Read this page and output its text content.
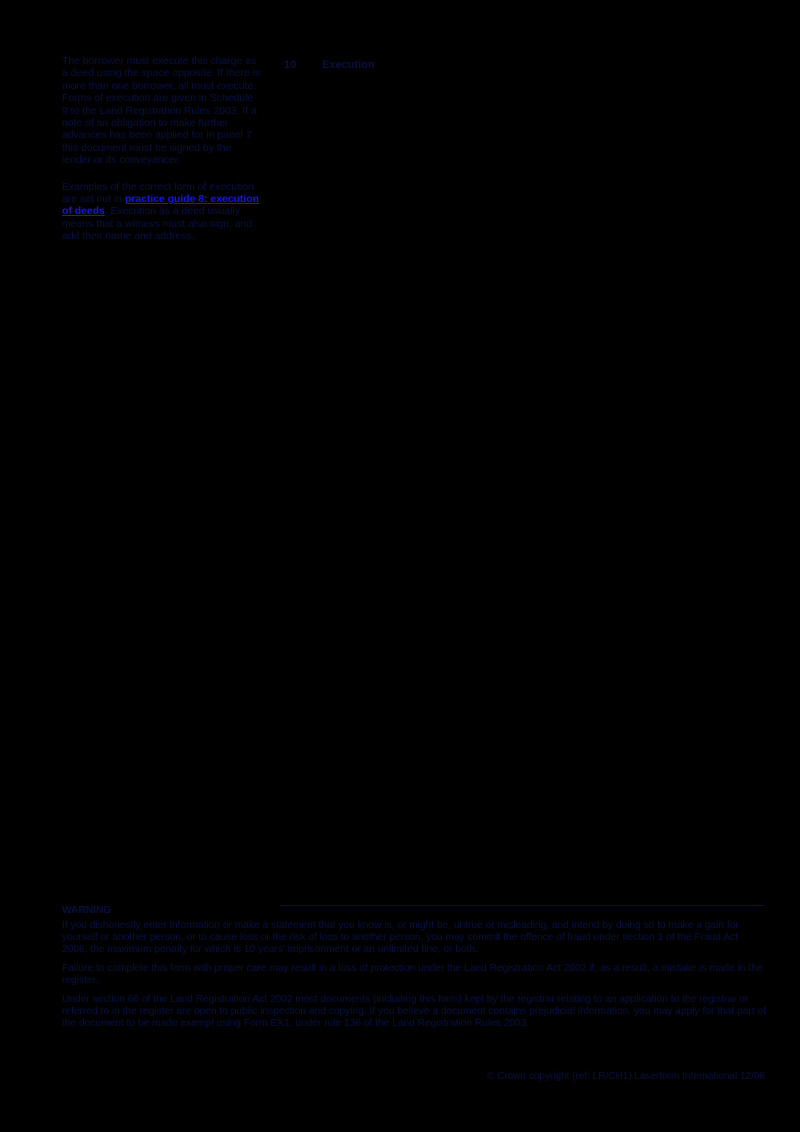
The borrower must execute this charge as a deed using the space opposite. If there is more than one borrower, all must execute. Forms of execution are given in Schedule 9 to the Land Registration Rules 2003. If a note of an obligation to make further advances has been applied for in panel 7 this document must be signed by the lender or its conveyancer.

Examples of the correct form of execution are set out in practice guide 8: execution of deeds. Execution as a deed usually means that a witness must also sign, and add their name and address.

10	Execution
WARNING

If you dishonestly enter information or make a statement that you know is, or might be, untrue or misleading, and intend by doing so to make a gain for yourself or another person, or to cause loss or the risk of loss to another person, you may commit the offence of fraud under section 1 of the Fraud Act 2006, the maximum penalty for which is 10 years' imprisonment or an unlimited fine, or both.

Failure to complete this form with proper care may result in a loss of protection under the Land Registration Act 2002 if, as a result, a mistake is made in the register.

Under section 66 of the Land Registration Act 2002 most documents (including this form) kept by the registrar relating to an application to the registrar or referred to in the register are open to public inspection and copying. If you believe a document contains prejudicial information, you may apply for that part of the document to be made exempt using Form EX1, under rule 136 of the Land Registration Rules 2003.

© Crown copyright (ref: LR/CH1) Laserform International 12/08
